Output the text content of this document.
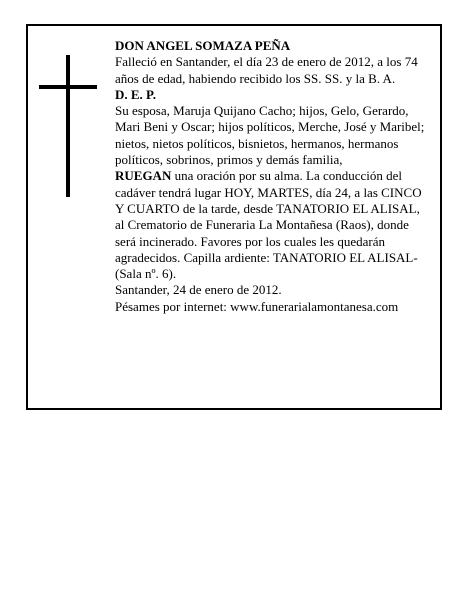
DON ANGEL SOMAZA PEÑA

Falleció en Santander, el día 23 de enero de 2012, a los 74 años de edad, habiendo recibido los SS. SS. y la B. A.

D. E. P.

Su esposa, Maruja Quijano Cacho; hijos, Gelo, Gerardo, Mari Beni y Oscar; hijos políticos, Merche, José y Maribel; nietos, nietos políticos, bisnietos, hermanos, hermanos políticos, sobrinos, primos y demás familia,

RUEGAN una oración por su alma. La conducción del cadáver tendrá lugar HOY, MARTES, día 24, a las CINCO Y CUARTO de la tarde, desde TANATORIO EL ALISAL, al Crematorio de Funeraria La Montañesa (Raos), donde será incinerado. Favores por los cuales les quedarán agradecidos. Capilla ardiente: TANATORIO EL ALISAL-(Sala nº. 6).

Santander, 24 de enero de 2012.

Pésames por internet: www.funerarialamontanesa.com
